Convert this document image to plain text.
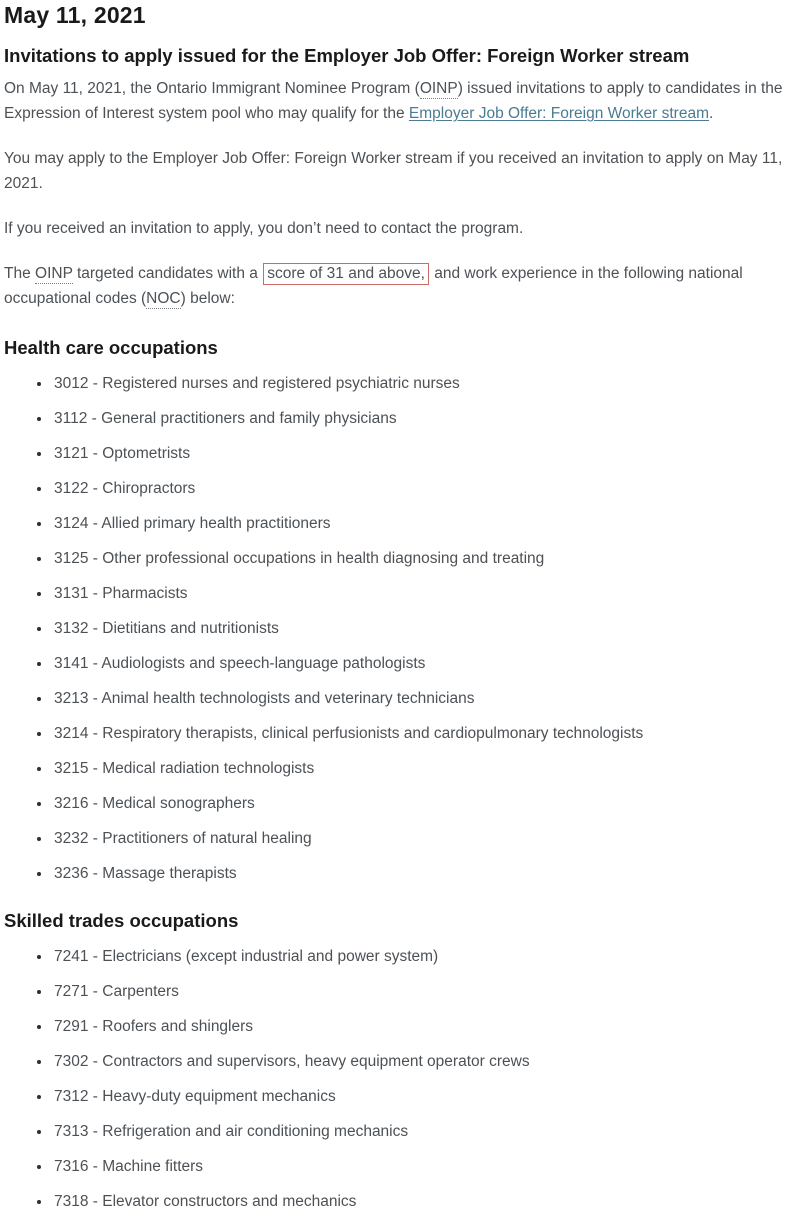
May 11, 2021
Invitations to apply issued for the Employer Job Offer: Foreign Worker stream

On May 11, 2021, the Ontario Immigrant Nominee Program (OINP) issued invitations to apply to candidates in the Expression of Interest system pool who may qualify for the Employer Job Offer: Foreign Worker stream.

You may apply to the Employer Job Offer: Foreign Worker stream if you received an invitation to apply on May 11, 2021.

If you received an invitation to apply, you don’t need to contact the program.

The OINP targeted candidates with a score of 31 and above, and work experience in the following national occupational codes (NOC) below:

Health care occupations
• 3012 - Registered nurses and registered psychiatric nurses
• 3112 - General practitioners and family physicians
• 3121 - Optometrists
• 3122 - Chiropractors
• 3124 - Allied primary health practitioners
• 3125 - Other professional occupations in health diagnosing and treating
• 3131 - Pharmacists
• 3132 - Dietitians and nutritionists
• 3141 - Audiologists and speech-language pathologists
• 3213 - Animal health technologists and veterinary technicians
• 3214 - Respiratory therapists, clinical perfusionists and cardiopulmonary technologists
• 3215 - Medical radiation technologists
• 3216 - Medical sonographers
• 3232 - Practitioners of natural healing
• 3236 - Massage therapists
Skilled trades occupations
• 7241 - Electricians (except industrial and power system)
• 7271 - Carpenters
• 7291 - Roofers and shinglers
• 7302 - Contractors and supervisors, heavy equipment operator crews
• 7312 - Heavy-duty equipment mechanics
• 7313 - Refrigeration and air conditioning mechanics
• 7316 - Machine fitters
• 7318 - Elevator constructors and mechanics
